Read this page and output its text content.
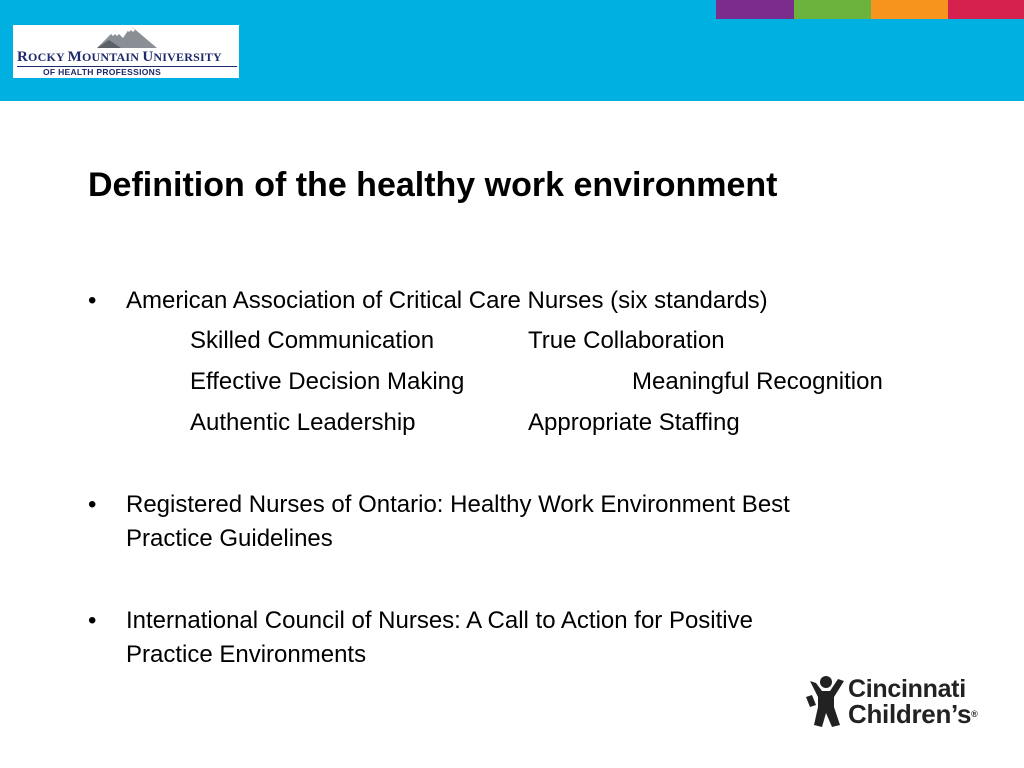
ROCKY MOUNTAIN UNIVERSITY
OF HEALTH PROFESSIONS
Definition of the healthy work environment
• American Association of Critical Care Nurses (six standards)
Skilled Communication	True Collaboration
Effective Decision Making	Meaningful Recognition
Authentic Leadership	Appropriate Staffing
• Registered Nurses of Ontario: Healthy Work Environment Best
Practice Guidelines
• International Council of Nurses: A Call to Action for Positive
Practice Environments
Cincinnati
Children’s®
